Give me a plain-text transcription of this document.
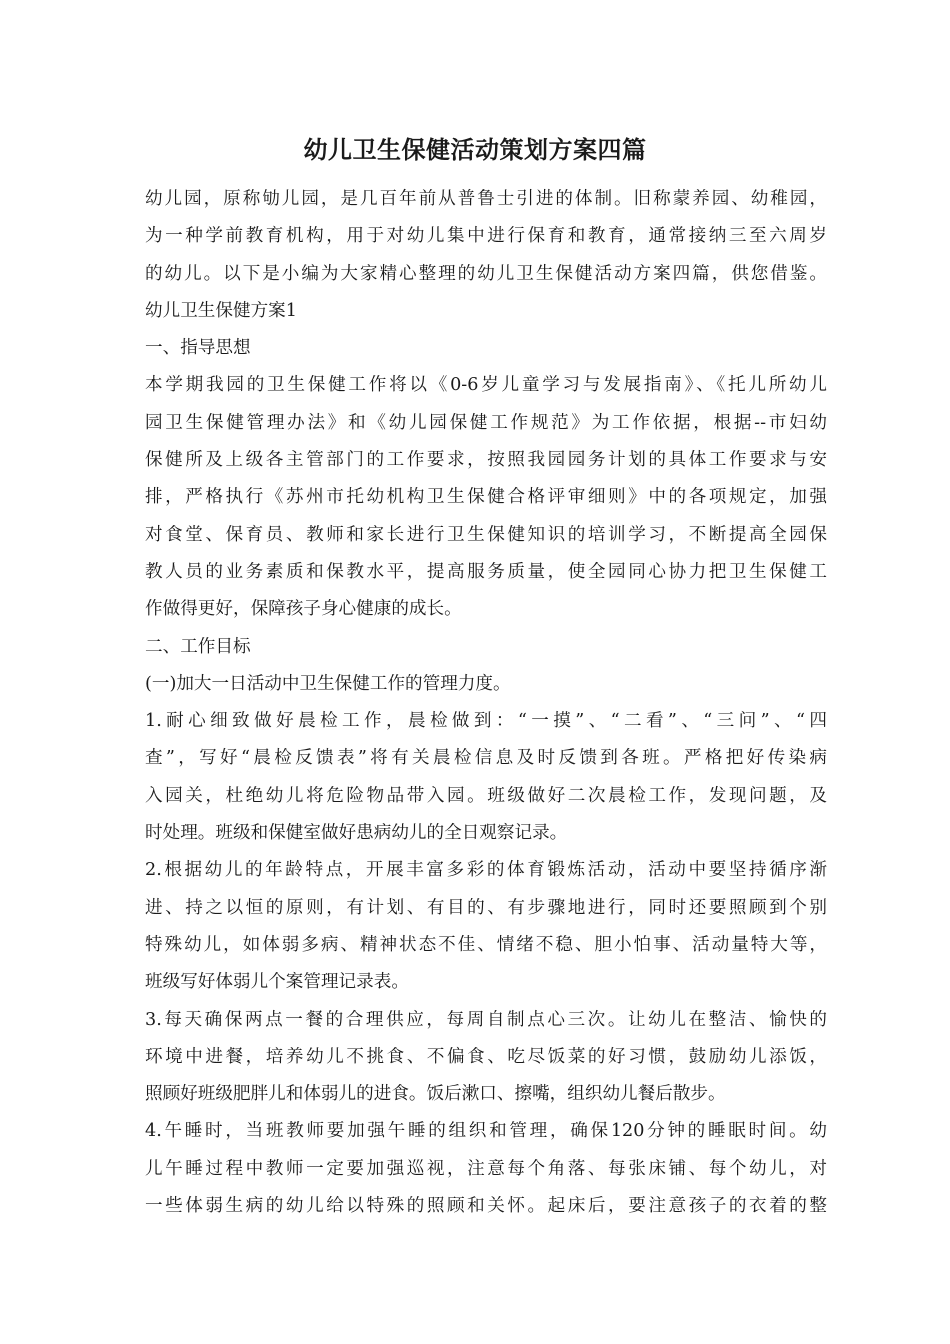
幼儿卫生保健活动策划方案四篇
幼儿园，原称劬儿园，是几百年前从普鲁士引进的体制。旧称蒙养园、幼稚园，
为一种学前教育机构，用于对幼儿集中进行保育和教育，通常接纳三至六周岁
的幼儿。以下是小编为大家精心整理的幼儿卫生保健活动方案四篇，供您借鉴。
幼儿卫生保健方案1
一、指导思想
本学期我园的卫生保健工作将以《0-6岁儿童学习与发展指南》、《托儿所幼儿
园卫生保健管理办法》和《幼儿园保健工作规范》为工作依据，根据--市妇幼
保健所及上级各主管部门的工作要求，按照我园园务计划的具体工作要求与安
排，严格执行《苏州市托幼机构卫生保健合格评审细则》中的各项规定，加强
对食堂、保育员、教师和家长进行卫生保健知识的培训学习，不断提高全园保
教人员的业务素质和保教水平，提高服务质量，使全园同心协力把卫生保健工
作做得更好，保障孩子身心健康的成长。
二、工作目标
(一)加大一日活动中卫生保健工作的管理力度。
1.耐心细致做好晨检工作，晨检做到：“一摸”、“二看”、“三问”、“四
查”，写好“晨检反馈表”将有关晨检信息及时反馈到各班。严格把好传染病
入园关，杜绝幼儿将危险物品带入园。班级做好二次晨检工作，发现问题，及
时处理。班级和保健室做好患病幼儿的全日观察记录。
2.根据幼儿的年龄特点，开展丰富多彩的体育锻炼活动，活动中要坚持循序渐
进、持之以恒的原则，有计划、有目的、有步骤地进行，同时还要照顾到个别
特殊幼儿，如体弱多病、精神状态不佳、情绪不稳、胆小怕事、活动量特大等，
班级写好体弱儿个案管理记录表。
3.每天确保两点一餐的合理供应，每周自制点心三次。让幼儿在整洁、愉快的
环境中进餐，培养幼儿不挑食、不偏食、吃尽饭菜的好习惯，鼓励幼儿添饭，
照顾好班级肥胖儿和体弱儿的进食。饭后漱口、擦嘴，组织幼儿餐后散步。
4.午睡时，当班教师要加强午睡的组织和管理，确保120分钟的睡眠时间。幼
儿午睡过程中教师一定要加强巡视，注意每个角落、每张床铺、每个幼儿，对
一些体弱生病的幼儿给以特殊的照顾和关怀。起床后，要注意孩子的衣着的整
